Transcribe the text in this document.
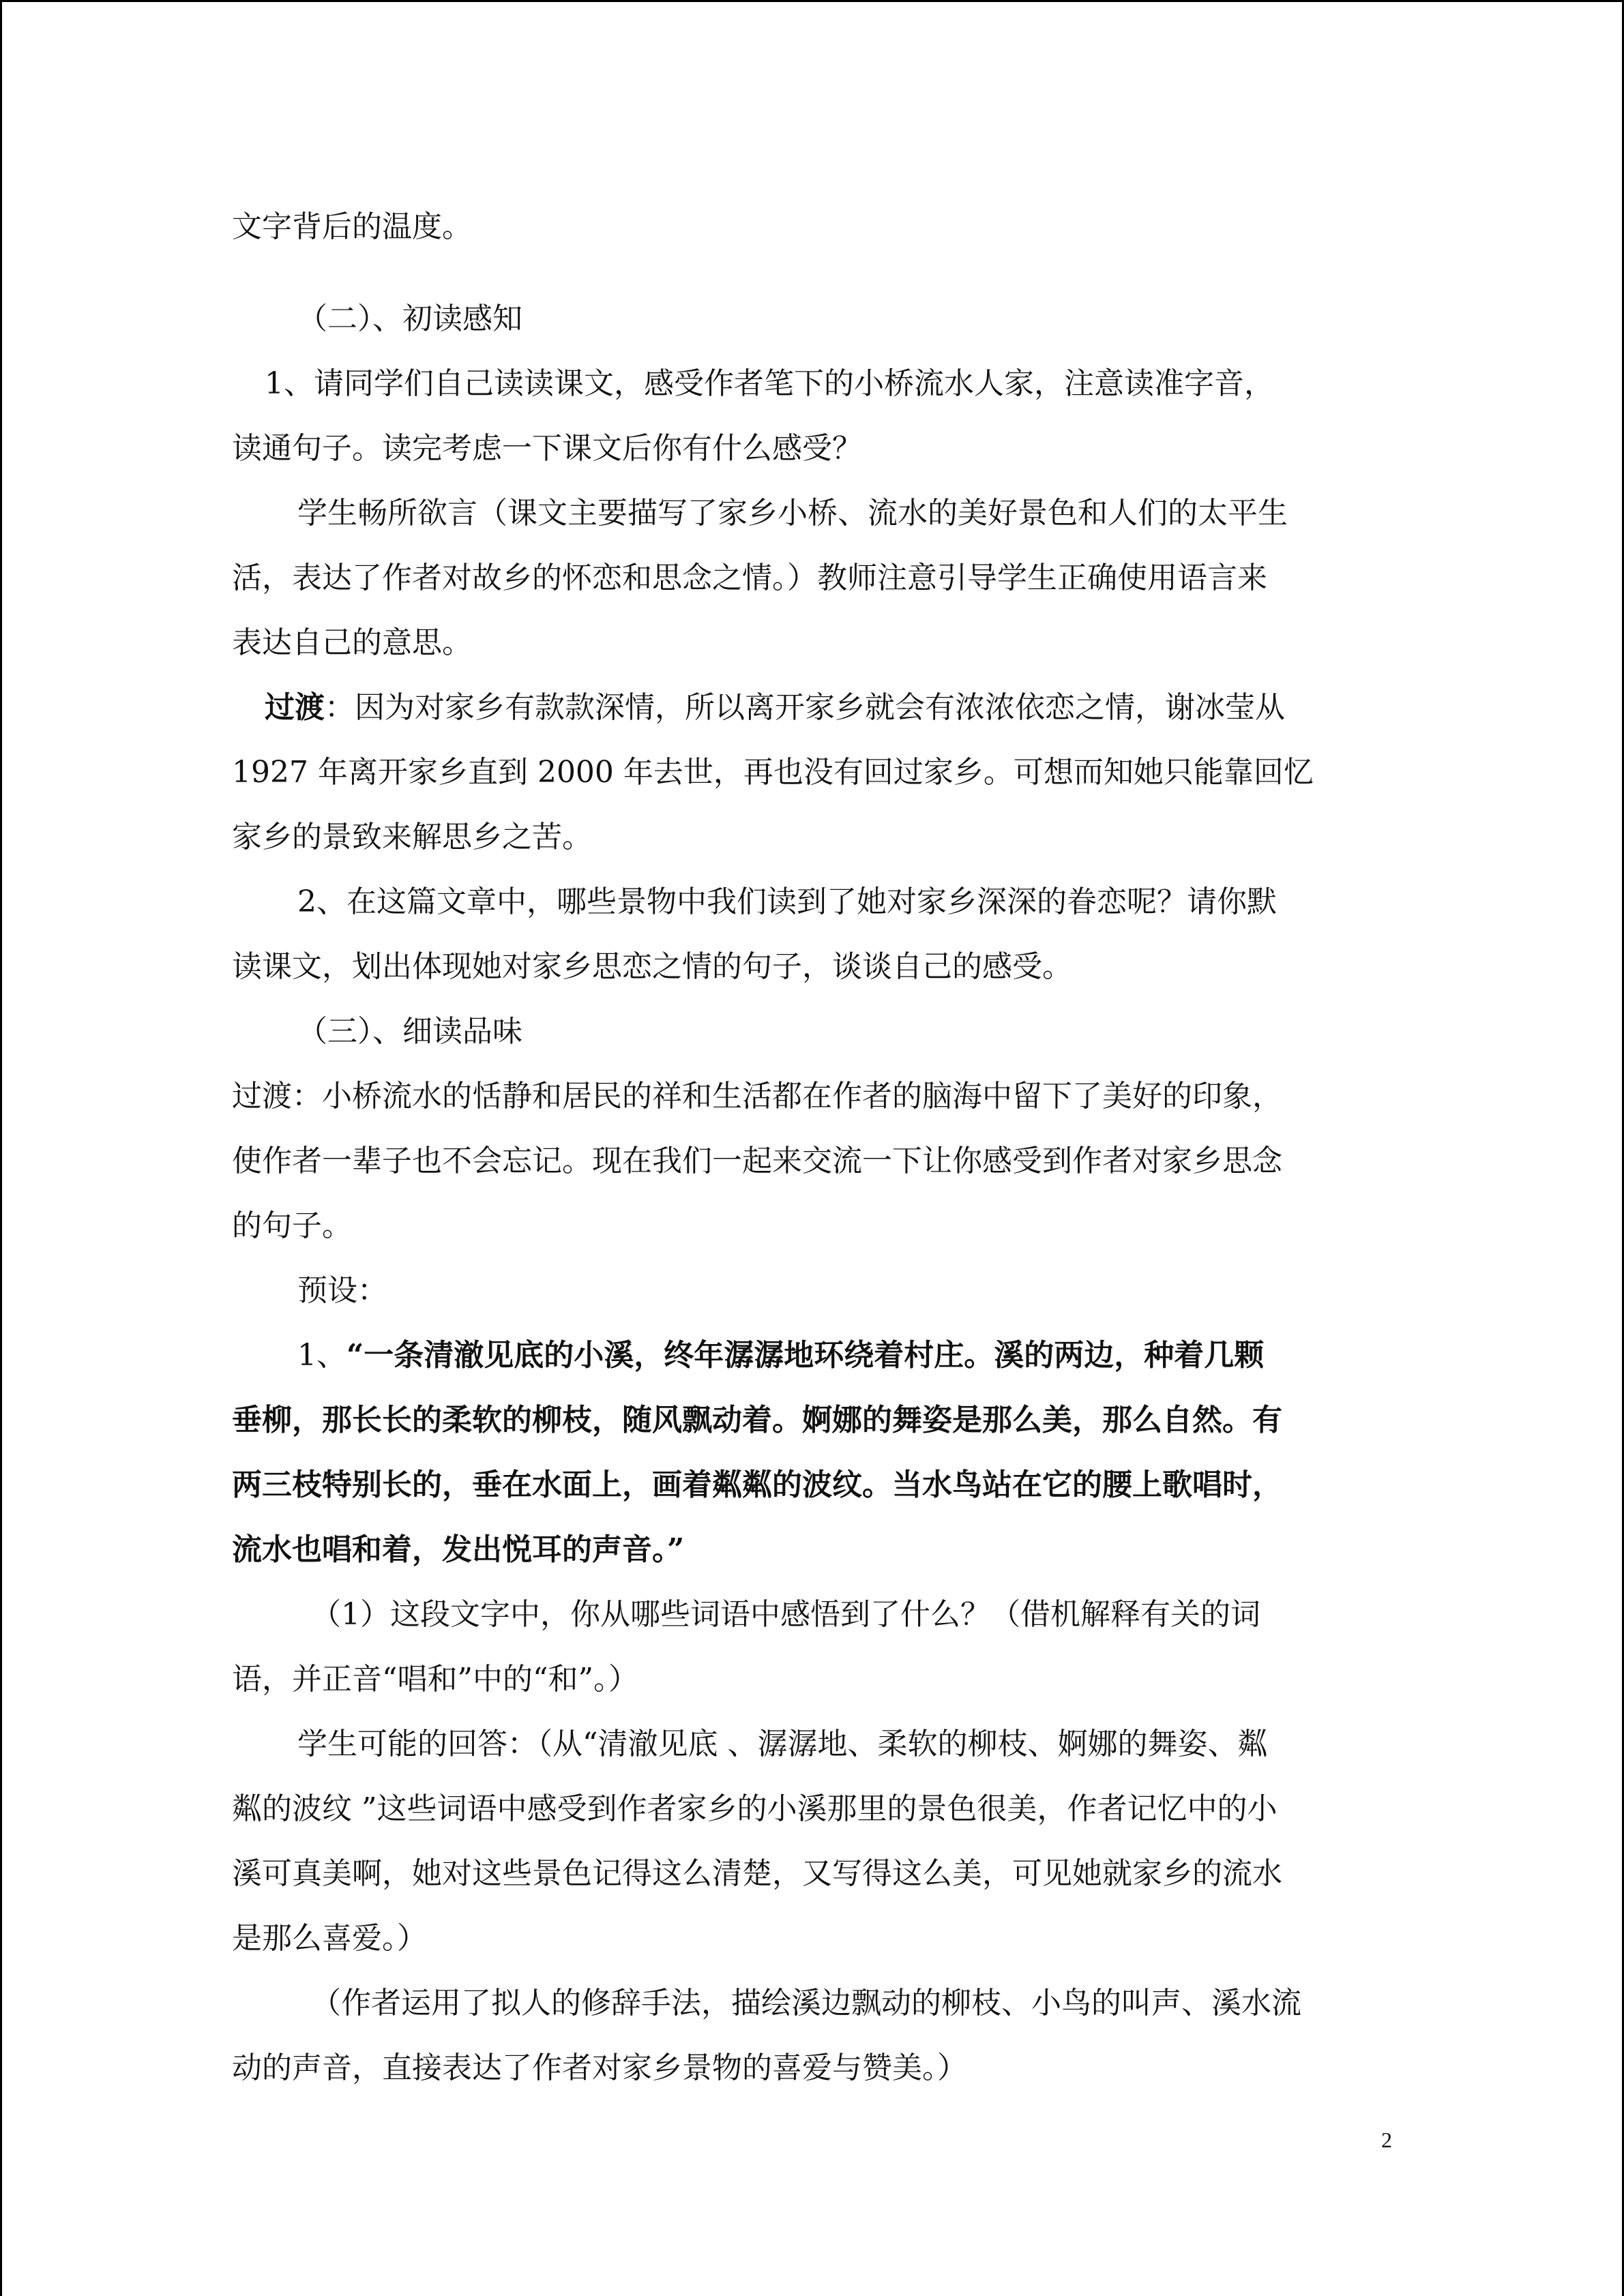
文字背后的温度。
（二）、初读感知
1、请同学们自己读读课文，感受作者笔下的小桥流水人家，注意读准字音，
读通句子。读完考虑一下课文后你有什么感受？
学生畅所欲言（课文主要描写了家乡小桥、流水的美好景色和人们的太平生
活，表达了作者对故乡的怀恋和思念之情。）教师注意引导学生正确使用语言来
表达自己的意思。
过渡：因为对家乡有款款深情，所以离开家乡就会有浓浓依恋之情，谢冰莹从
1927 年离开家乡直到 2000 年去世，再也没有回过家乡。可想而知她只能靠回忆
家乡的景致来解思乡之苦。
2、在这篇文章中，哪些景物中我们读到了她对家乡深深的眷恋呢？请你默
读课文，划出体现她对家乡思恋之情的句子，谈谈自己的感受。
（三）、细读品味
过渡：小桥流水的恬静和居民的祥和生活都在作者的脑海中留下了美好的印象，
使作者一辈子也不会忘记。现在我们一起来交流一下让你感受到作者对家乡思念
的句子。
预设：
1、“一条清澈见底的小溪，终年潺潺地环绕着村庄。溪的两边，种着几颗
垂柳，那长长的柔软的柳枝，随风飘动着。婀娜的舞姿是那么美，那么自然。有
两三枝特别长的，垂在水面上，画着粼粼的波纹。当水鸟站在它的腰上歌唱时，
流水也唱和着，发出悦耳的声音。”
（1）这段文字中，你从哪些词语中感悟到了什么？（借机解释有关的词
语，并正音“唱和”中的“和”。）
学生可能的回答：（从“清澈见底 、潺潺地、柔软的柳枝、婀娜的舞姿、粼
粼的波纹 ”这些词语中感受到作者家乡的小溪那里的景色很美，作者记忆中的小
溪可真美啊，她对这些景色记得这么清楚，又写得这么美，可见她就家乡的流水
是那么喜爱。）
（作者运用了拟人的修辞手法，描绘溪边飘动的柳枝、小鸟的叫声、溪水流
动的声音，直接表达了作者对家乡景物的喜爱与赞美。）
2
